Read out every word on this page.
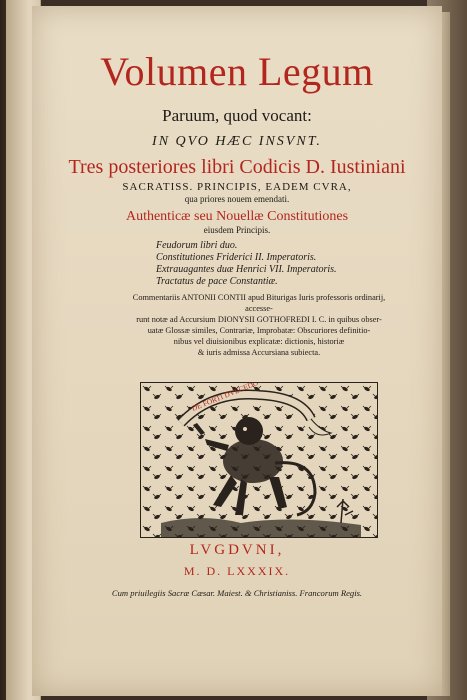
Volumen Legum
Paruum, quod vocant:
IN QVO HÆC INSVNT.
Tres posteriores libri Codicis D. Iustiniani
SACRATISS. PRINCIPIS, EADEM CVRA,
qua priores nouem emendati.
Authenticæ seu Nouellæ Constitutiones
eiusdem Principis.
Feudorum libri duo.
Constitutiones Friderici II. Imperatoris.
Extrauagantes duæ Henrici VII. Imperatoris.
Tractatus de pace Constantiæ.
Commentariis ANTONII CONTII apud Biturigas Iuris professoris ordinarij, accesse-
runt notæ ad Accursium DIONYSII GOTHOFREDI I. C. in quibus obser-
uatæ Glossæ similes, Contrariæ, Improbatæ: Obscuriores definitio-
nibus vel diuisionibus explicatæ: dictionis, historiæ
& iuris admissa Accursiana subiecta.
DE FORTI DVLCEDO
LVGDVNI,
M. D. LXXXIX.
Cum priuilegiis Sacræ Cæsar. Maiest. & Christianiss. Francorum Regis.
